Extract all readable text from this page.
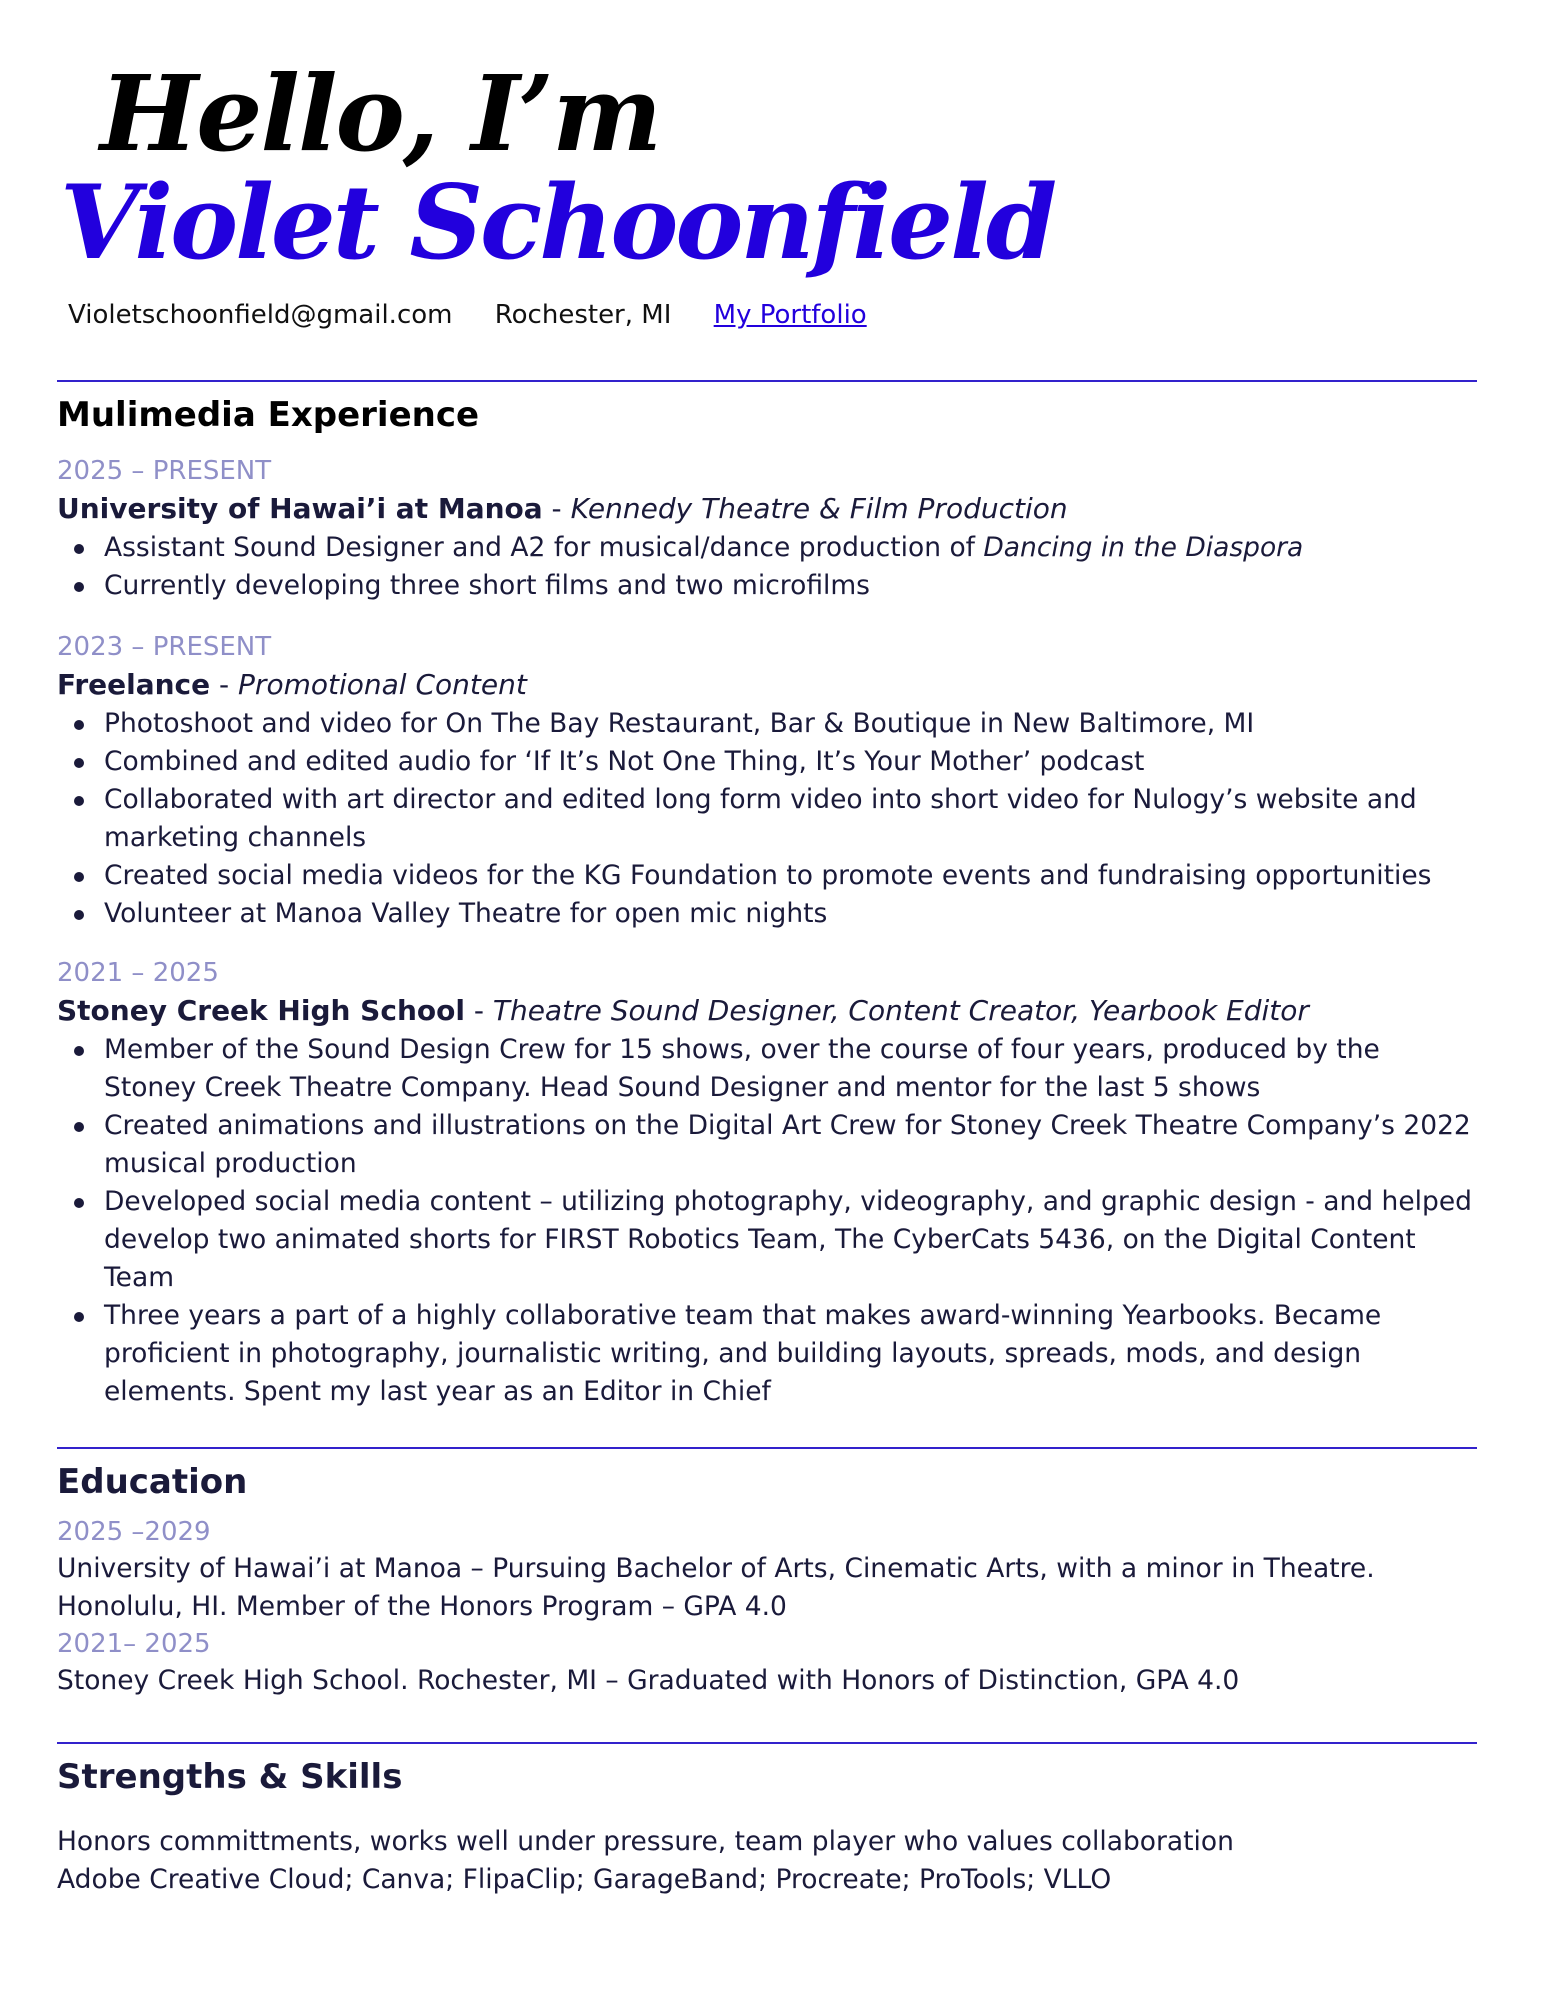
Hello, I’m
Violet Schoonfield
Violetschoonfield@gmail.com Rochester, MI My Portfolio
Mulimedia Experience
2025 – PRESENT
University of Hawai’i at Manoa - Kennedy Theatre & Film Production
Assistant Sound Designer and A2 for musical/dance production of Dancing in the Diaspora
Currently developing three short films and two microfilms
2023 – PRESENT
Freelance - Promotional Content
Photoshoot and video for On The Bay Restaurant, Bar & Boutique in New Baltimore, MI
Combined and edited audio for ‘If It’s Not One Thing, It’s Your Mother’ podcast
Collaborated with art director and edited long form video into short video for Nulogy’s website and marketing channels
Created social media videos for the KG Foundation to promote events and fundraising opportunities
Volunteer at Manoa Valley Theatre for open mic nights
2021 – 2025
Stoney Creek High School - Theatre Sound Designer, Content Creator, Yearbook Editor
Member of the Sound Design Crew for 15 shows, over the course of four years, produced by the Stoney Creek Theatre Company. Head Sound Designer and mentor for the last 5 shows
Created animations and illustrations on the Digital Art Crew for Stoney Creek Theatre Company’s 2022 musical production
Developed social media content – utilizing photography, videography, and graphic design - and helped develop two animated shorts for FIRST Robotics Team, The CyberCats 5436, on the Digital Content Team
Three years a part of a highly collaborative team that makes award-winning Yearbooks. Became proficient in photography, journalistic writing, and building layouts, spreads, mods, and design elements. Spent my last year as an Editor in Chief
Education
2025 –2029
University of Hawai’i at Manoa – Pursuing Bachelor of Arts, Cinematic Arts, with a minor in Theatre.
Honolulu, HI. Member of the Honors Program – GPA 4.0
2021– 2025
Stoney Creek High School. Rochester, MI – Graduated with Honors of Distinction, GPA 4.0
Strengths & Skills
Honors committments, works well under pressure, team player who values collaboration
Adobe Creative Cloud; Canva; FlipaClip; GarageBand; Procreate; ProTools; VLLO
